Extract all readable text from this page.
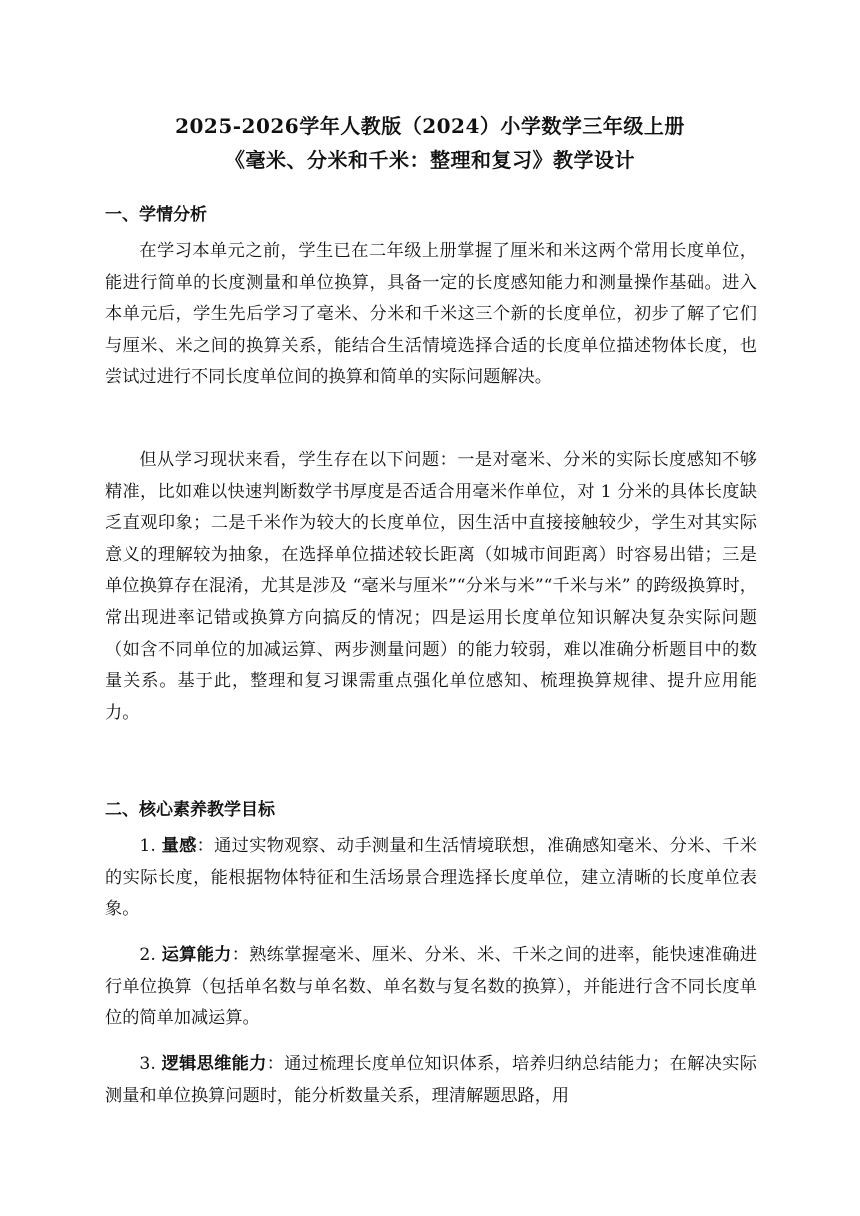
2025-2026学年人教版（2024）小学数学三年级上册
《毫米、分米和千米：整理和复习》教学设计
一、学情分析
在学习本单元之前，学生已在二年级上册掌握了厘米和米这两个常用长度单位，能进行简单的长度测量和单位换算，具备一定的长度感知能力和测量操作基础。进入本单元后，学生先后学习了毫米、分米和千米这三个新的长度单位，初步了解了它们与厘米、米之间的换算关系，能结合生活情境选择合适的长度单位描述物体长度，也尝试过进行不同长度单位间的换算和简单的实际问题解决。
但从学习现状来看，学生存在以下问题：一是对毫米、分米的实际长度感知不够精准，比如难以快速判断数学书厚度是否适合用毫米作单位，对 1 分米的具体长度缺乏直观印象；二是千米作为较大的长度单位，因生活中直接接触较少，学生对其实际意义的理解较为抽象，在选择单位描述较长距离（如城市间距离）时容易出错；三是单位换算存在混淆，尤其是涉及 “毫米与厘米”“分米与米”“千米与米” 的跨级换算时，常出现进率记错或换算方向搞反的情况；四是运用长度单位知识解决复杂实际问题（如含不同单位的加减运算、两步测量问题）的能力较弱，难以准确分析题目中的数量关系。基于此，整理和复习课需重点强化单位感知、梳理换算规律、提升应用能力。
二、核心素养教学目标
1. 量感：通过实物观察、动手测量和生活情境联想，准确感知毫米、分米、千米的实际长度，能根据物体特征和生活场景合理选择长度单位，建立清晰的长度单位表象。
2. 运算能力：熟练掌握毫米、厘米、分米、米、千米之间的进率，能快速准确进行单位换算（包括单名数与单名数、单名数与复名数的换算），并能进行含不同长度单位的简单加减运算。
3. 逻辑思维能力：通过梳理长度单位知识体系，培养归纳总结能力；在解决实际测量和单位换算问题时，能分析数量关系，理清解题思路，用
